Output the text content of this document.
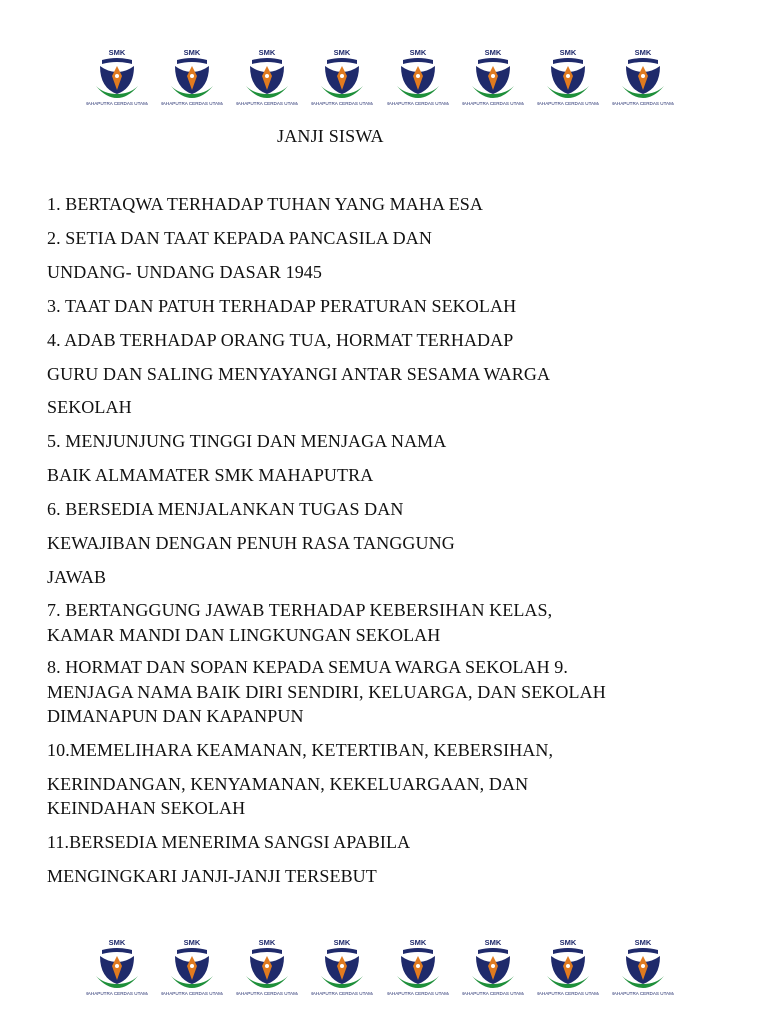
SMK
MAHAPUTRA CERDAS UTAMA
SMK
MAHAPUTRA CERDAS UTAMA
SMK
MAHAPUTRA CERDAS UTAMA
SMK
MAHAPUTRA CERDAS UTAMA
SMK
MAHAPUTRA CERDAS UTAMA
SMK
MAHAPUTRA CERDAS UTAMA
SMK
MAHAPUTRA CERDAS UTAMA
SMK
MAHAPUTRA CERDAS UTAMA
JANJI SISWA
1. BERTAQWA TERHADAP TUHAN YANG MAHA ESA
2. SETIA DAN TAAT KEPADA PANCASILA DAN
UNDANG- UNDANG DASAR 1945
3. TAAT DAN PATUH TERHADAP PERATURAN SEKOLAH
4. ADAB TERHADAP ORANG TUA, HORMAT TERHADAP
GURU DAN SALING MENYAYANGI ANTAR SESAMA WARGA
SEKOLAH
5. MENJUNJUNG TINGGI DAN MENJAGA NAMA
BAIK ALMAMATER SMK MAHAPUTRA
6. BERSEDIA MENJALANKAN TUGAS DAN
KEWAJIBAN DENGAN PENUH RASA TANGGUNG
JAWAB
7. BERTANGGUNG JAWAB TERHADAP KEBERSIHAN KELAS,
KAMAR MANDI DAN LINGKUNGAN SEKOLAH
8. HORMAT DAN SOPAN KEPADA SEMUA WARGA SEKOLAH 9.
MENJAGA NAMA BAIK DIRI SENDIRI, KELUARGA, DAN SEKOLAH
DIMANAPUN DAN KAPANPUN
10.MEMELIHARA KEAMANAN, KETERTIBAN, KEBERSIHAN,
KERINDANGAN, KENYAMANAN, KEKELUARGAAN, DAN
KEINDAHAN SEKOLAH
11.BERSEDIA MENERIMA SANGSI APABILA
MENGINGKARI JANJI-JANJI TERSEBUT
SMK
MAHAPUTRA CERDAS UTAMA
SMK
MAHAPUTRA CERDAS UTAMA
SMK
MAHAPUTRA CERDAS UTAMA
SMK
MAHAPUTRA CERDAS UTAMA
SMK
MAHAPUTRA CERDAS UTAMA
SMK
MAHAPUTRA CERDAS UTAMA
SMK
MAHAPUTRA CERDAS UTAMA
SMK
MAHAPUTRA CERDAS UTAMA
